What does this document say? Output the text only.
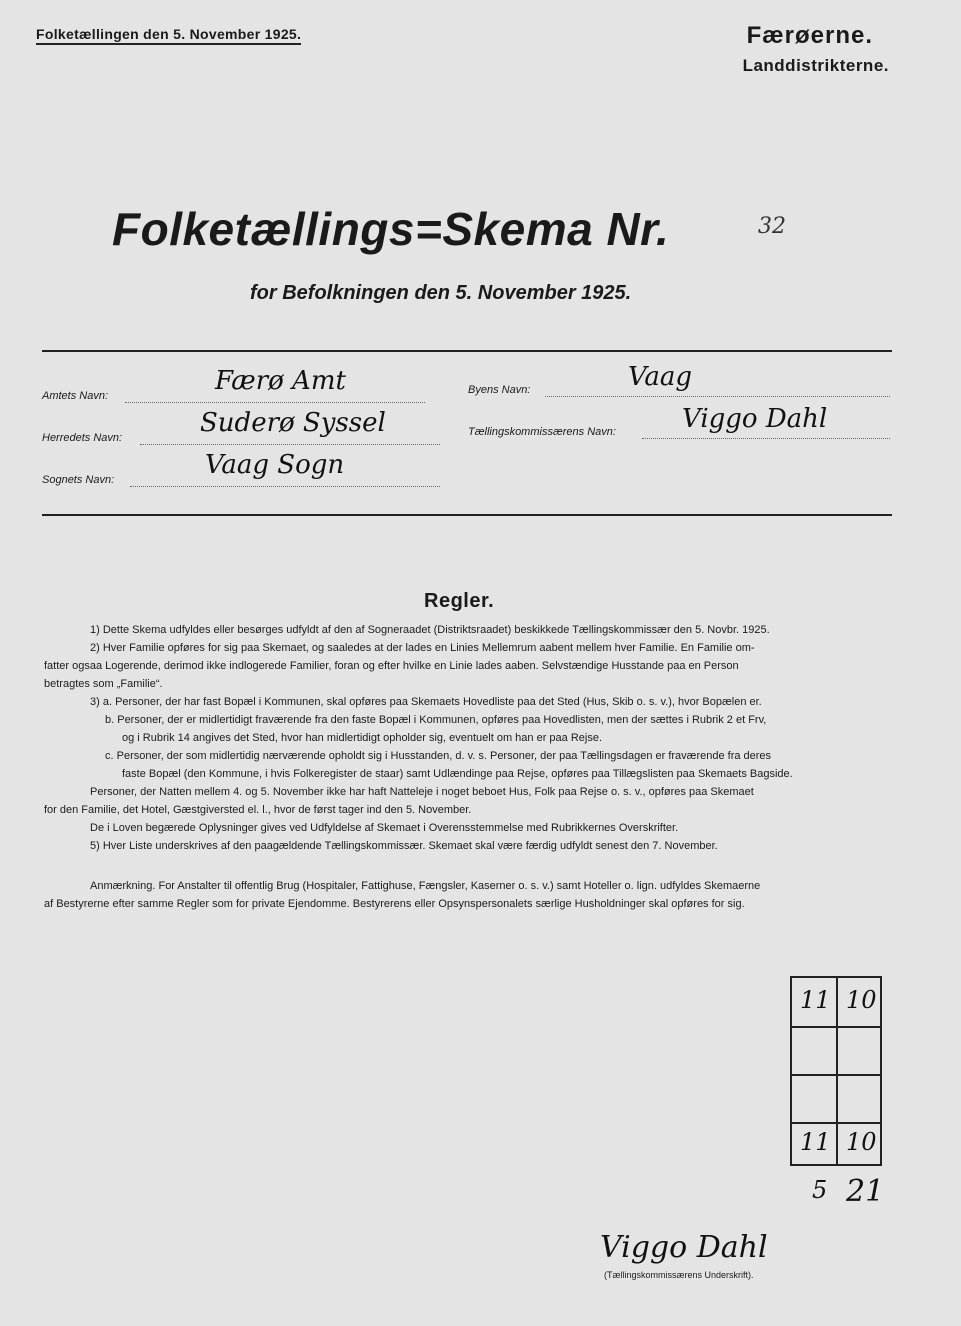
Folketællingen den 5. November 1925.	Færøerne.
Landdistrikterne.
Folketællings=Skema Nr.	32
for Befolkningen den 5. November 1925.
Amtets Navn:	Færø Amt
Herredets Navn:	Suderø Syssel
Sognets Navn:	Vaag Sogn
Byens Navn:	Vaag
Tællingskommissærens Navn:	Viggo Dahl
Regler.
1) Dette Skema udfyldes eller besørges udfyldt af den af Sogneraadet (Distriktsraadet) beskikkede Tællingskommissær den 5. Novbr. 1925.
2) Hver Familie opføres for sig paa Skemaet, og saaledes at der lades en Linies Mellemrum aabent mellem hver Familie. En Familie om-
fatter ogsaa Logerende, derimod ikke indlogerede Familier, foran og efter hvilke en Linie lades aaben. Selvstændige Husstande paa en Person
betragtes som „Familie“.
3) a. Personer, der har fast Bopæl i Kommunen, skal opføres paa Skemaets Hovedliste paa det Sted (Hus, Skib o. s. v.), hvor Bopælen er.
b. Personer, der er midlertidigt fraværende fra den faste Bopæl i Kommunen, opføres paa Hovedlisten, men der sættes i Rubrik 2 et Frv,
og i Rubrik 14 angives det Sted, hvor han midlertidigt opholder sig, eventuelt om han er paa Rejse.
c. Personer, der som midlertidig nærværende opholdt sig i Husstanden, d. v. s. Personer, der paa Tællingsdagen er fraværende fra deres
faste Bopæl (den Kommune, i hvis Folkeregister de staar) samt Udlændinge paa Rejse, opføres paa Tillægslisten paa Skemaets Bagside.
Personer, der Natten mellem 4. og 5. November ikke har haft Natteleje i noget beboet Hus, Folk paa Rejse o. s. v., opføres paa Skemaet
for den Familie, det Hotel, Gæstgiversted el. l., hvor de først tager ind den 5. November.
De i Loven begærede Oplysninger gives ved Udfyldelse af Skemaet i Overensstemmelse med Rubrikkernes Overskrifter.
5) Hver Liste underskrives af den paagældende Tællingskommissær. Skemaet skal være færdig udfyldt senest den 7. November.
Anmærkning. For Anstalter til offentlig Brug (Hospitaler, Fattighuse, Fængsler, Kaserner o. s. v.) samt Hoteller o. lign. udfyldes Skemaerne
af Bestyrerne efter samme Regler som for private Ejendomme. Bestyrerens eller Opsynspersonalets særlige Husholdninger skal opføres for sig.
11 10
11 10
5 21
Viggo Dahl
(Tællingskommissærens Underskrift).
